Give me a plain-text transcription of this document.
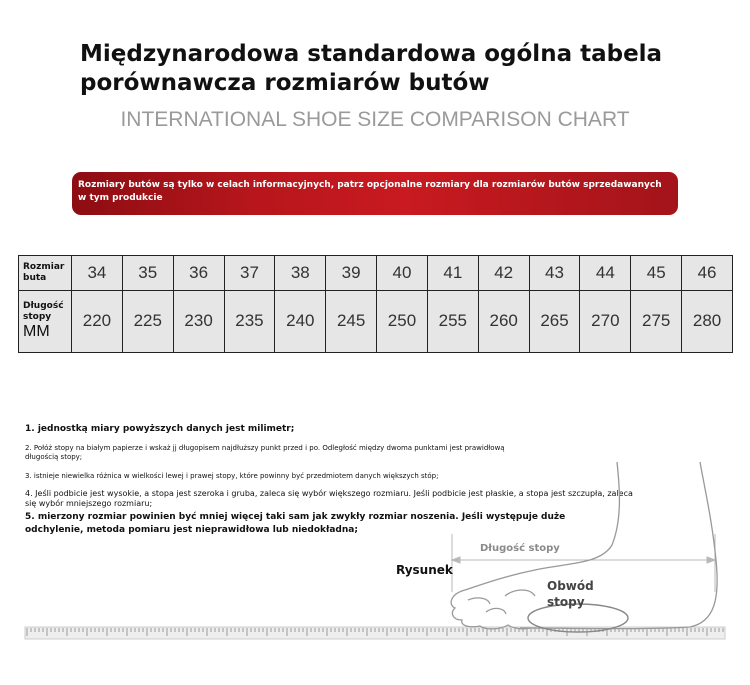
Międzynarodowa standardowa ogólna tabela porównawcza rozmiarów butów
INTERNATIONAL SHOE SIZE COMPARISON CHART
Rozmiary butów są tylko w celach informacyjnych, patrz opcjonalne rozmiary dla rozmiarów butów sprzedawanych w tym produkcie
Rozmiar buta	34	35	36	37	38	39	40	41	42	43	44	45	46
Długość stopy
MM	220	225	230	235	240	245	250	255	260	265	270	275	280
1. jednostką miary powyższych danych jest milimetr;
2. Połóż stopy na białym papierze i wskaż jj długopisem najdłuższy punkt przed i po. Odległość między dwoma punktami jest prawidłową długością stopy;
3. istnieje niewielka różnica w wielkości lewej i prawej stopy, które powinny być przedmiotem danych większych stóp;
4. Jeśli podbicie jest wysokie, a stopa jest szeroka i gruba, zaleca się wybór większego rozmiaru. Jeśli podbicie jest płaskie, a stopa jest szczupła, zaleca się wybór mniejszego rozmiaru;
5. mierzony rozmiar powinien być mniej więcej taki sam jak zwykły rozmiar noszenia. Jeśli występuje duże odchylenie, metoda pomiaru jest nieprawidłowa lub niedokładna;
Rysunek
Długość stopy
Obwód stopy
